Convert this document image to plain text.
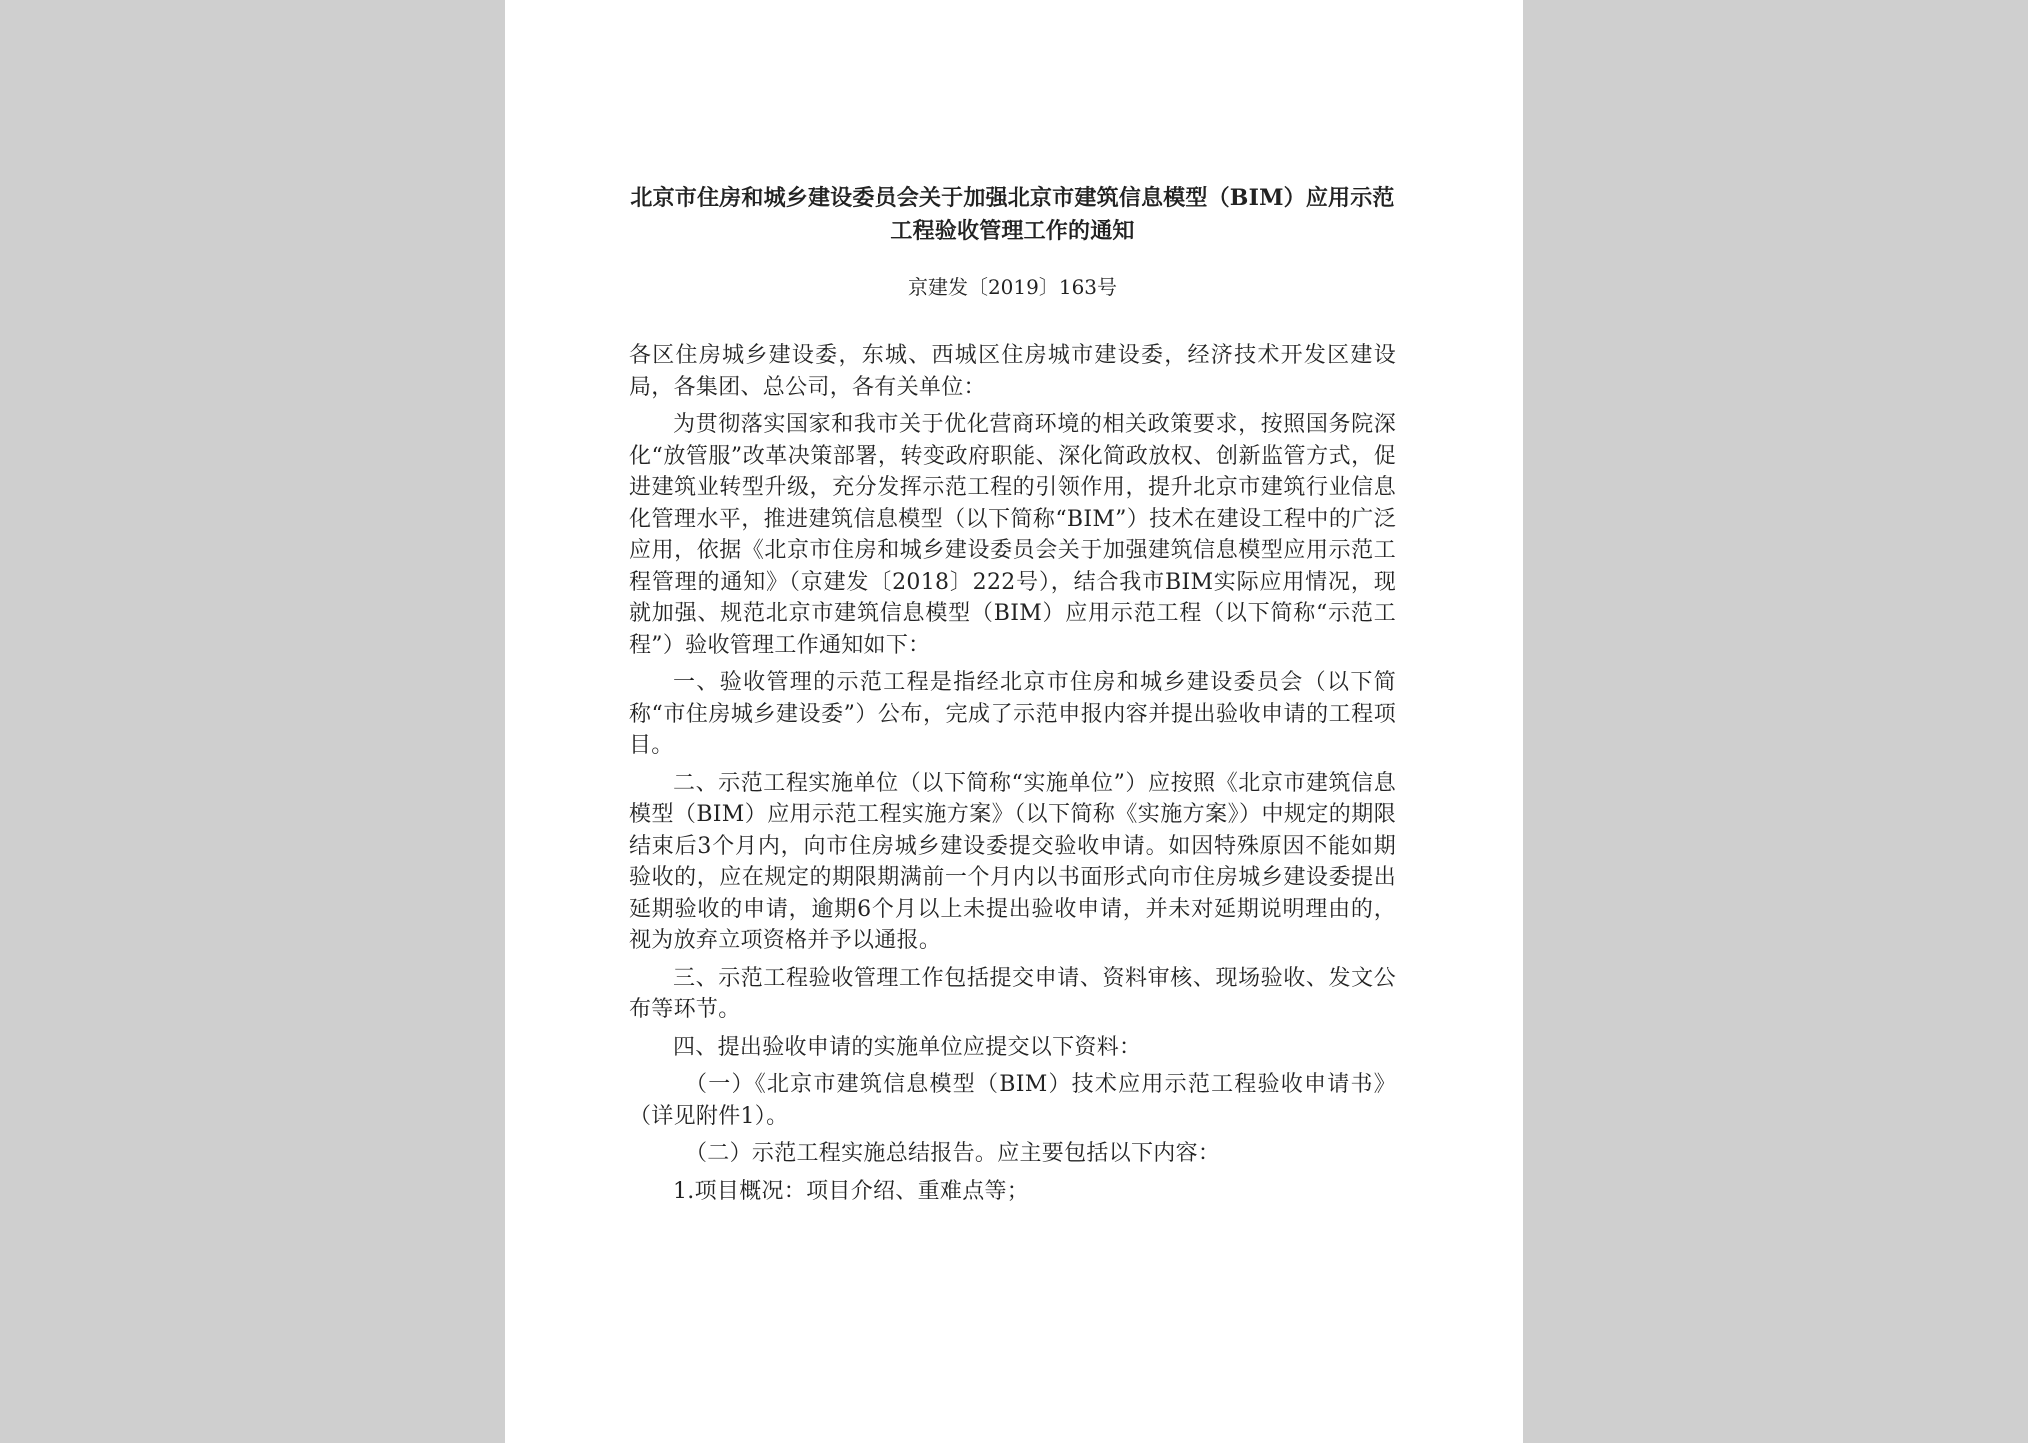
北京市住房和城乡建设委员会关于加强北京市建筑信息模型（BIM）应用示范工程验收管理工作的通知

京建发〔2019〕163号

各区住房城乡建设委，东城、西城区住房城市建设委，经济技术开发区建设局，各集团、总公司，各有关单位：

为贯彻落实国家和我市关于优化营商环境的相关政策要求，按照国务院深化“放管服”改革决策部署，转变政府职能、深化简政放权、创新监管方式，促进建筑业转型升级，充分发挥示范工程的引领作用，提升北京市建筑行业信息化管理水平，推进建筑信息模型（以下简称“BIM”）技术在建设工程中的广泛应用，依据《北京市住房和城乡建设委员会关于加强建筑信息模型应用示范工程管理的通知》（京建发〔2018〕222号），结合我市BIM实际应用情况，现就加强、规范北京市建筑信息模型（BIM）应用示范工程（以下简称“示范工程”）验收管理工作通知如下：

一、验收管理的示范工程是指经北京市住房和城乡建设委员会（以下简称“市住房城乡建设委”）公布，完成了示范申报内容并提出验收申请的工程项目。

二、示范工程实施单位（以下简称“实施单位”）应按照《北京市建筑信息模型（BIM）应用示范工程实施方案》（以下简称《实施方案》）中规定的期限结束后3个月内，向市住房城乡建设委提交验收申请。如因特殊原因不能如期验收的，应在规定的期限期满前一个月内以书面形式向市住房城乡建设委提出延期验收的申请，逾期6个月以上未提出验收申请，并未对延期说明理由的，视为放弃立项资格并予以通报。

三、示范工程验收管理工作包括提交申请、资料审核、现场验收、发文公布等环节。

四、提出验收申请的实施单位应提交以下资料：

（一）《北京市建筑信息模型（BIM）技术应用示范工程验收申请书》（详见附件1）。

（二）示范工程实施总结报告。应主要包括以下内容：

1.项目概况：项目介绍、重难点等；
